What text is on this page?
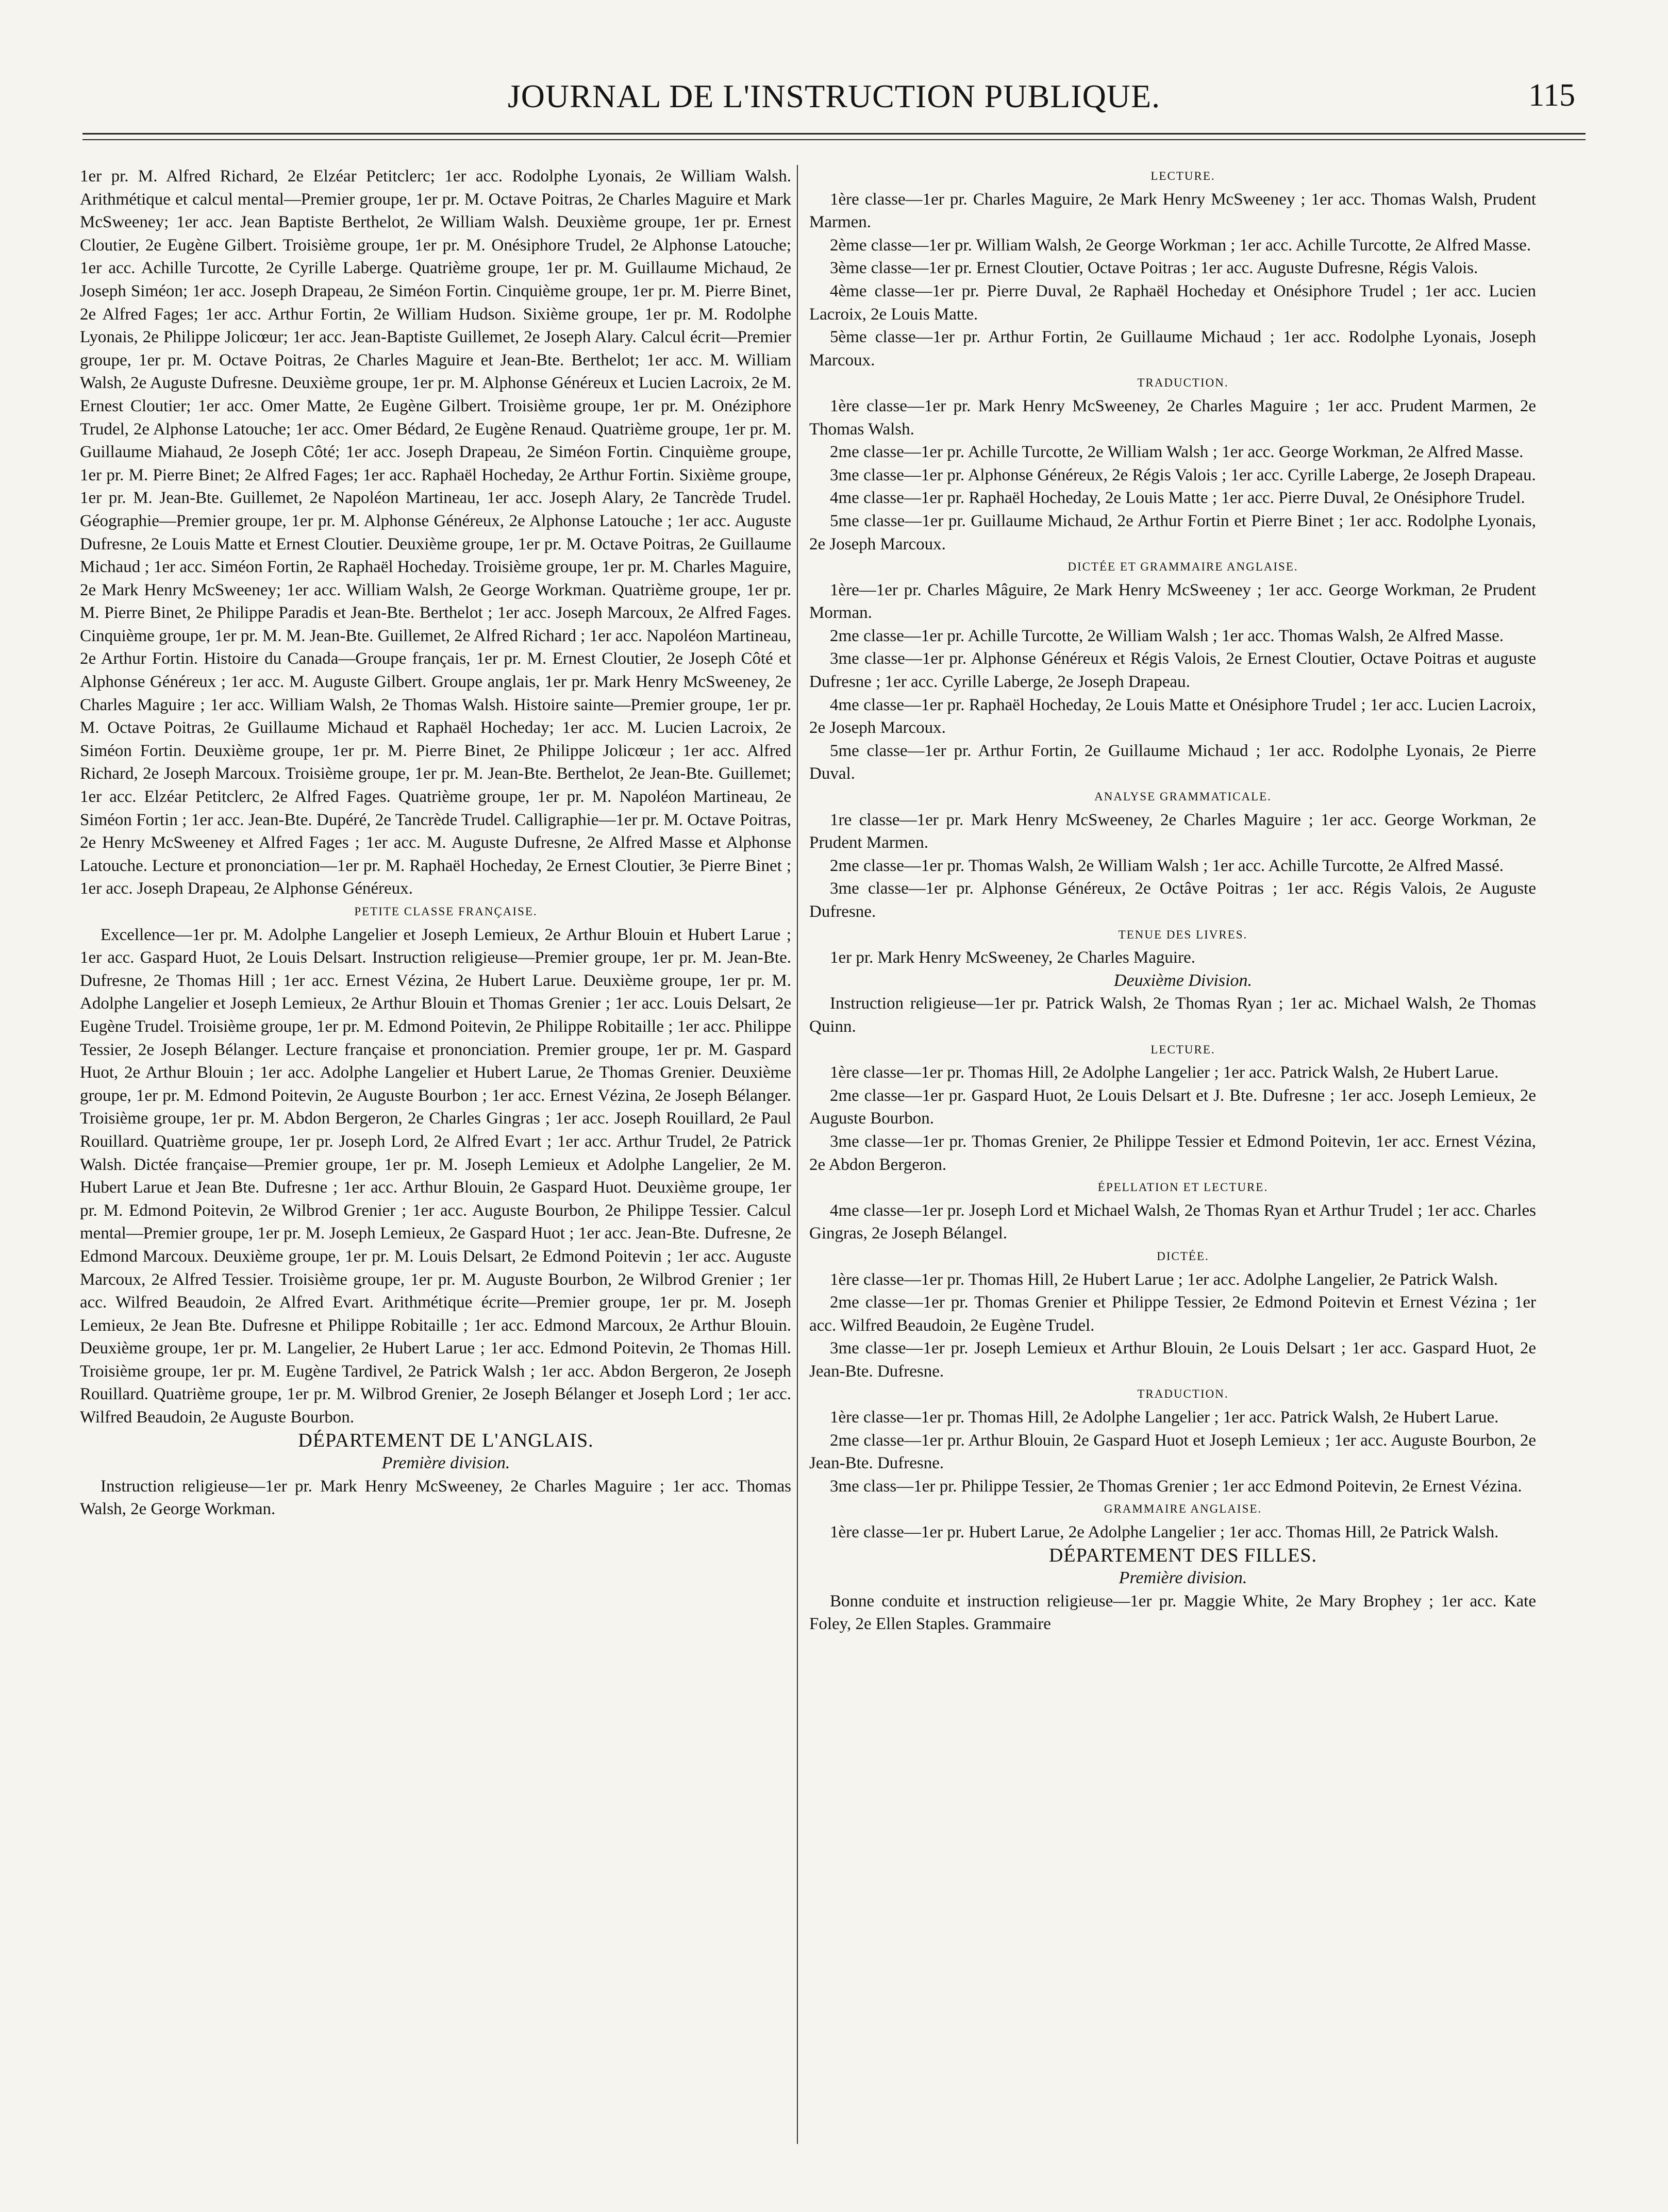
JOURNAL DE L'INSTRUCTION PUBLIQUE.	115

1er pr. M. Alfred Richard, 2e Elzéar Petitclerc; 1er acc. Rodolphe Lyonais, 2e William Walsh. Arithmétique et calcul mental—Premier groupe, 1er pr. M. Octave Poitras, 2e Charles Maguire et Mark McSweeney; 1er acc. Jean Baptiste Berthelot, 2e William Walsh. Deuxième groupe, 1er pr. Ernest Cloutier, 2e Eugène Gilbert. Troisième groupe, 1er pr. M. Onésiphore Trudel, 2e Alphonse Latouche; 1er acc. Achille Turcotte, 2e Cyrille Laberge. Quatrième groupe, 1er pr. M. Guillaume Michaud, 2e Joseph Siméon; 1er acc. Joseph Drapeau, 2e Siméon Fortin. Cinquième groupe, 1er pr. M. Pierre Binet, 2e Alfred Fages; 1er acc. Arthur Fortin, 2e William Hudson. Sixième groupe, 1er pr. M. Rodolphe Lyonais, 2e Philippe Jolicœur; 1er acc. Jean-Baptiste Guillemet, 2e Joseph Alary. Calcul écrit—Premier groupe, 1er pr. M. Octave Poitras, 2e Charles Maguire et Jean-Bte. Berthelot; 1er acc. M. William Walsh, 2e Auguste Dufresne. Deuxième groupe, 1er pr. M. Alphonse Généreux et Lucien Lacroix, 2e M. Ernest Cloutier; 1er acc. Omer Matte, 2e Eugène Gilbert. Troisième groupe, 1er pr. M. Onéziphore Trudel, 2e Alphonse Latouche; 1er acc. Omer Bédard, 2e Eugène Renaud. Quatrième groupe, 1er pr. M. Guillaume Miahaud, 2e Joseph Côté; 1er acc. Joseph Drapeau, 2e Siméon Fortin. Cinquième groupe, 1er pr. M. Pierre Binet; 2e Alfred Fages; 1er acc. Raphaël Hocheday, 2e Arthur Fortin. Sixième groupe, 1er pr. M. Jean-Bte. Guillemet, 2e Napoléon Martineau, 1er acc. Joseph Alary, 2e Tancrède Trudel. Géographie—Premier groupe, 1er pr. M. Alphonse Généreux, 2e Alphonse Latouche ; 1er acc. Auguste Dufresne, 2e Louis Matte et Ernest Cloutier. Deuxième groupe, 1er pr. M. Octave Poitras, 2e Guillaume Michaud ; 1er acc. Siméon Fortin, 2e Raphaël Hocheday. Troisième groupe, 1er pr. M. Charles Maguire, 2e Mark Henry McSweeney; 1er acc. William Walsh, 2e George Workman. Quatrième groupe, 1er pr. M. Pierre Binet, 2e Philippe Paradis et Jean-Bte. Berthelot ; 1er acc. Joseph Marcoux, 2e Alfred Fages. Cinquième groupe, 1er pr. M. M. Jean-Bte. Guillemet, 2e Alfred Richard ; 1er acc. Napoléon Martineau, 2e Arthur Fortin. Histoire du Canada—Groupe français, 1er pr. M. Ernest Cloutier, 2e Joseph Côté et Alphonse Généreux ; 1er acc. M. Auguste Gilbert. Groupe anglais, 1er pr. Mark Henry McSweeney, 2e Charles Maguire ; 1er acc. William Walsh, 2e Thomas Walsh. Histoire sainte—Premier groupe, 1er pr. M. Octave Poitras, 2e Guillaume Michaud et Raphaël Hocheday; 1er acc. M. Lucien Lacroix, 2e Siméon Fortin. Deuxième groupe, 1er pr. M. Pierre Binet, 2e Philippe Jolicœur ; 1er acc. Alfred Richard, 2e Joseph Marcoux. Troisième groupe, 1er pr. M. Jean-Bte. Berthelot, 2e Jean-Bte. Guillemet; 1er acc. Elzéar Petitclerc, 2e Alfred Fages. Quatrième groupe, 1er pr. M. Napoléon Martineau, 2e Siméon Fortin ; 1er acc. Jean-Bte. Dupéré, 2e Tancrède Trudel. Calligraphie—1er pr. M. Octave Poitras, 2e Henry McSweeney et Alfred Fages ; 1er acc. M. Auguste Dufresne, 2e Alfred Masse et Alphonse Latouche. Lecture et prononciation—1er pr. M. Raphaël Hocheday, 2e Ernest Cloutier, 3e Pierre Binet ; 1er acc. Joseph Drapeau, 2e Alphonse Généreux.

PETITE CLASSE FRANÇAISE.

Excellence—1er pr. M. Adolphe Langelier et Joseph Lemieux, 2e Arthur Blouin et Hubert Larue ; 1er acc. Gaspard Huot, 2e Louis Delsart. Instruction religieuse—Premier groupe, 1er pr. M. Jean-Bte. Dufresne, 2e Thomas Hill ; 1er acc. Ernest Vézina, 2e Hubert Larue. Deuxième groupe, 1er pr. M. Adolphe Langelier et Joseph Lemieux, 2e Arthur Blouin et Thomas Grenier ; 1er acc. Louis Delsart, 2e Eugène Trudel. Troisième groupe, 1er pr. M. Edmond Poitevin, 2e Philippe Robitaille ; 1er acc. Philippe Tessier, 2e Joseph Bélanger. Lecture française et prononciation. Premier groupe, 1er pr. M. Gaspard Huot, 2e Arthur Blouin ; 1er acc. Adolphe Langelier et Hubert Larue, 2e Thomas Grenier. Deuxième groupe, 1er pr. M. Edmond Poitevin, 2e Auguste Bourbon ; 1er acc. Ernest Vézina, 2e Joseph Bélanger. Troisième groupe, 1er pr. M. Abdon Bergeron, 2e Charles Gingras ; 1er acc. Joseph Rouillard, 2e Paul Rouillard. Quatrième groupe, 1er pr. Joseph Lord, 2e Alfred Evart ; 1er acc. Arthur Trudel, 2e Patrick Walsh. Dictée française—Premier groupe, 1er pr. M. Joseph Lemieux et Adolphe Langelier, 2e M. Hubert Larue et Jean Bte. Dufresne ; 1er acc. Arthur Blouin, 2e Gaspard Huot. Deuxième groupe, 1er pr. M. Edmond Poitevin, 2e Wilbrod Grenier ; 1er acc. Auguste Bourbon, 2e Philippe Tessier. Calcul mental—Premier groupe, 1er pr. M. Joseph Lemieux, 2e Gaspard Huot ; 1er acc. Jean-Bte. Dufresne, 2e Edmond Marcoux. Deuxième groupe, 1er pr. M. Louis Delsart, 2e Edmond Poitevin ; 1er acc. Auguste Marcoux, 2e Alfred Tessier. Troisième groupe, 1er pr. M. Auguste Bourbon, 2e Wilbrod Grenier ; 1er acc. Wilfred Beaudoin, 2e Alfred Evart. Arithmétique écrite—Premier groupe, 1er pr. M. Joseph Lemieux, 2e Jean Bte. Dufresne et Philippe Robitaille ; 1er acc. Edmond Marcoux, 2e Arthur Blouin. Deuxième groupe, 1er pr. M. Langelier, 2e Hubert Larue ; 1er acc. Edmond Poitevin, 2e Thomas Hill. Troisième groupe, 1er pr. M. Eugène Tardivel, 2e Patrick Walsh ; 1er acc. Abdon Bergeron, 2e Joseph Rouillard. Quatrième groupe, 1er pr. M. Wilbrod Grenier, 2e Joseph Bélanger et Joseph Lord ; 1er acc. Wilfred Beaudoin, 2e Auguste Bourbon.

DÉPARTEMENT DE L'ANGLAIS.

Première division.

Instruction religieuse—1er pr. Mark Henry McSweeney, 2e Charles Maguire ; 1er acc. Thomas Walsh, 2e George Workman.

LECTURE.

1ère classe—1er pr. Charles Maguire, 2e Mark Henry McSweeney ; 1er acc. Thomas Walsh, Prudent Marmen.

2ème classe—1er pr. William Walsh, 2e George Workman ; 1er acc. Achille Turcotte, 2e Alfred Masse.

3ème classe—1er pr. Ernest Cloutier, Octave Poitras ; 1er acc. Auguste Dufresne, Régis Valois.

4ème classe—1er pr. Pierre Duval, 2e Raphaël Hocheday et Onésiphore Trudel ; 1er acc. Lucien Lacroix, 2e Louis Matte.

5ème classe—1er pr. Arthur Fortin, 2e Guillaume Michaud ; 1er acc. Rodolphe Lyonais, Joseph Marcoux.

TRADUCTION.

1ère classe—1er pr. Mark Henry McSweeney, 2e Charles Maguire ; 1er acc. Prudent Marmen, 2e Thomas Walsh.

2me classe—1er pr. Achille Turcotte, 2e William Walsh ; 1er acc. George Workman, 2e Alfred Masse.

3me classe—1er pr. Alphonse Généreux, 2e Régis Valois ; 1er acc. Cyrille Laberge, 2e Joseph Drapeau.

4me classe—1er pr. Raphaël Hocheday, 2e Louis Matte ; 1er acc. Pierre Duval, 2e Onésiphore Trudel.

5me classe—1er pr. Guillaume Michaud, 2e Arthur Fortin et Pierre Binet ; 1er acc. Rodolphe Lyonais, 2e Joseph Marcoux.

DICTÉE ET GRAMMAIRE ANGLAISE.

1ère—1er pr. Charles Mâguire, 2e Mark Henry McSweeney ; 1er acc. George Workman, 2e Prudent Morman.

2me classe—1er pr. Achille Turcotte, 2e William Walsh ; 1er acc. Thomas Walsh, 2e Alfred Masse.

3me classe—1er pr. Alphonse Généreux et Régis Valois, 2e Ernest Cloutier, Octave Poitras et auguste Dufresne ; 1er acc. Cyrille Laberge, 2e Joseph Drapeau.

4me classe—1er pr. Raphaël Hocheday, 2e Louis Matte et Onésiphore Trudel ; 1er acc. Lucien Lacroix, 2e Joseph Marcoux.

5me classe—1er pr. Arthur Fortin, 2e Guillaume Michaud ; 1er acc. Rodolphe Lyonais, 2e Pierre Duval.

ANALYSE GRAMMATICALE.

1re classe—1er pr. Mark Henry McSweeney, 2e Charles Maguire ; 1er acc. George Workman, 2e Prudent Marmen.

2me classe—1er pr. Thomas Walsh, 2e William Walsh ; 1er acc. Achille Turcotte, 2e Alfred Massé.

3me classe—1er pr. Alphonse Généreux, 2e Octâve Poitras ; 1er acc. Régis Valois, 2e Auguste Dufresne.

TENUE DES LIVRES.

1er pr. Mark Henry McSweeney, 2e Charles Maguire.

Deuxième Division.

Instruction religieuse—1er pr. Patrick Walsh, 2e Thomas Ryan ; 1er ac. Michael Walsh, 2e Thomas Quinn.

LECTURE.

1ère classe—1er pr. Thomas Hill, 2e Adolphe Langelier ; 1er acc. Patrick Walsh, 2e Hubert Larue.

2me classe—1er pr. Gaspard Huot, 2e Louis Delsart et J. Bte. Dufresne ; 1er acc. Joseph Lemieux, 2e Auguste Bourbon.

3me classe—1er pr. Thomas Grenier, 2e Philippe Tessier et Edmond Poitevin, 1er acc. Ernest Vézina, 2e Abdon Bergeron.

ÉPELLATION ET LECTURE.

4me classe—1er pr. Joseph Lord et Michael Walsh, 2e Thomas Ryan et Arthur Trudel ; 1er acc. Charles Gingras, 2e Joseph Bélangel.

DICTÉE.

1ère classe—1er pr. Thomas Hill, 2e Hubert Larue ; 1er acc. Adolphe Langelier, 2e Patrick Walsh.

2me classe—1er pr. Thomas Grenier et Philippe Tessier, 2e Edmond Poitevin et Ernest Vézina ; 1er acc. Wilfred Beaudoin, 2e Eugène Trudel.

3me classe—1er pr. Joseph Lemieux et Arthur Blouin, 2e Louis Delsart ; 1er acc. Gaspard Huot, 2e Jean-Bte. Dufresne.

TRADUCTION.

1ère classe—1er pr. Thomas Hill, 2e Adolphe Langelier ; 1er acc. Patrick Walsh, 2e Hubert Larue.

2me classe—1er pr. Arthur Blouin, 2e Gaspard Huot et Joseph Lemieux ; 1er acc. Auguste Bourbon, 2e Jean-Bte. Dufresne.

3me class—1er pr. Philippe Tessier, 2e Thomas Grenier ; 1er acc Edmond Poitevin, 2e Ernest Vézina.

GRAMMAIRE ANGLAISE.

1ère classe—1er pr. Hubert Larue, 2e Adolphe Langelier ; 1er acc. Thomas Hill, 2e Patrick Walsh.

DÉPARTEMENT DES FILLES.

Première division.

Bonne conduite et instruction religieuse—1er pr. Maggie White, 2e Mary Brophey ; 1er acc. Kate Foley, 2e Ellen Staples. Grammaire
